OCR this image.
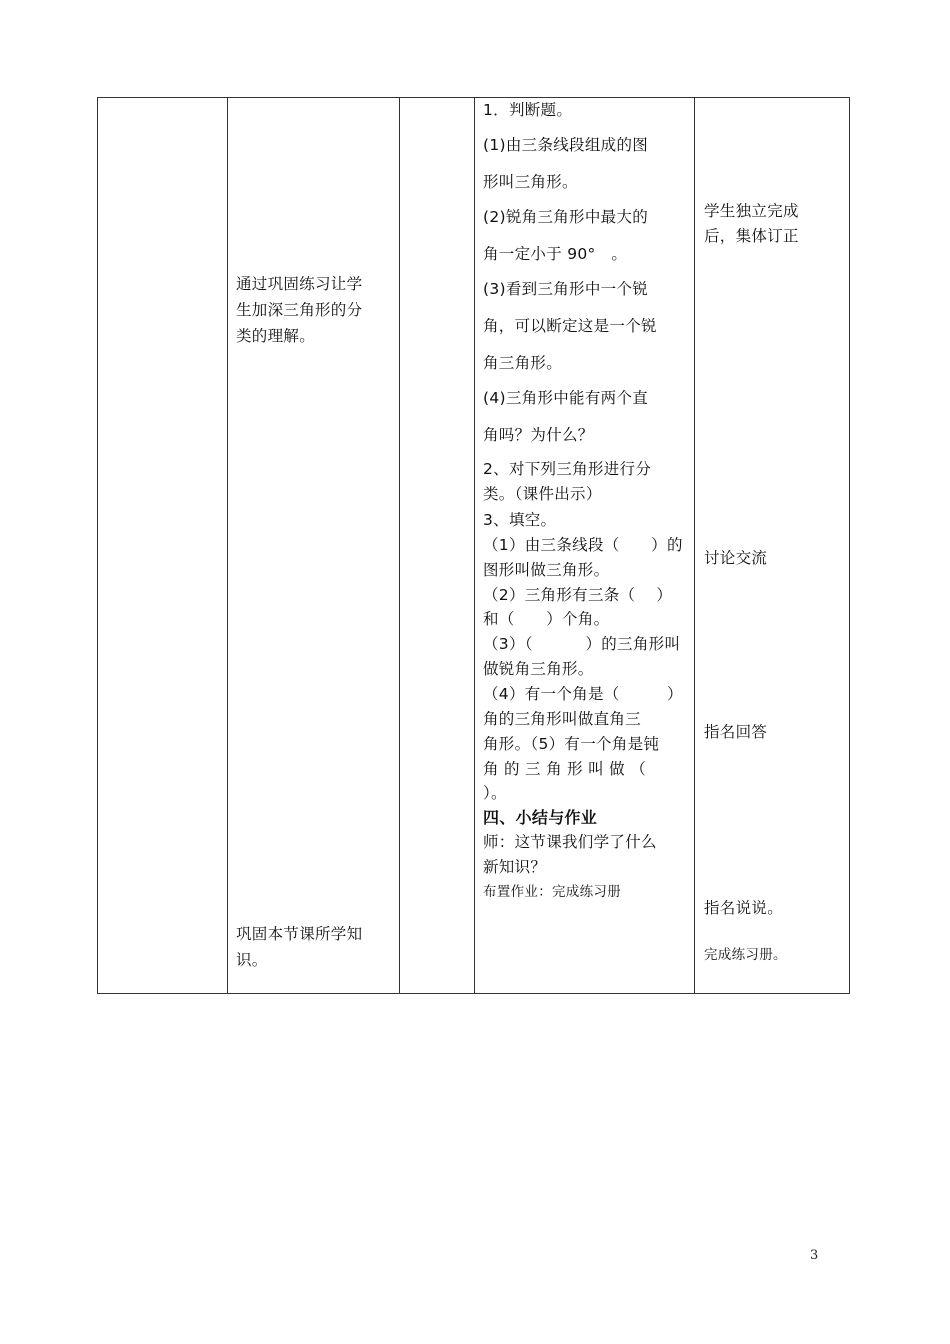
通过巩固练习让学
生加深三角形的分
类的理解。
巩固本节课所学知
识。
1．判断题。
(1)由三条线段组成的图
形叫三角形。
(2)锐角三角形中最大的
角一定小于 90°　。
(3)看到三角形中一个锐
角，可以断定这是一个锐
角三角形。
(4)三角形中能有两个直
角吗？为什么？
2、对下列三角形进行分
类。（课件出示）
3、填空。
（1）由三条线段（　　）的
图形叫做三角形。
（2）三角形有三条（　 ）
和（　　）个角。
（3）（　　　 ）的三角形叫
做锐角三角形。
（4）有一个角是（　　　）
角的三角形叫做直角三
角形。（5）有一个角是钝
角 的 三 角 形 叫 做 （
）。
四、小结与作业
师：这节课我们学了什么
新知识？
布置作业：完成练习册
学生独立完成
后，集体订正
讨论交流
指名回答
指名说说。
完成练习册。
3
